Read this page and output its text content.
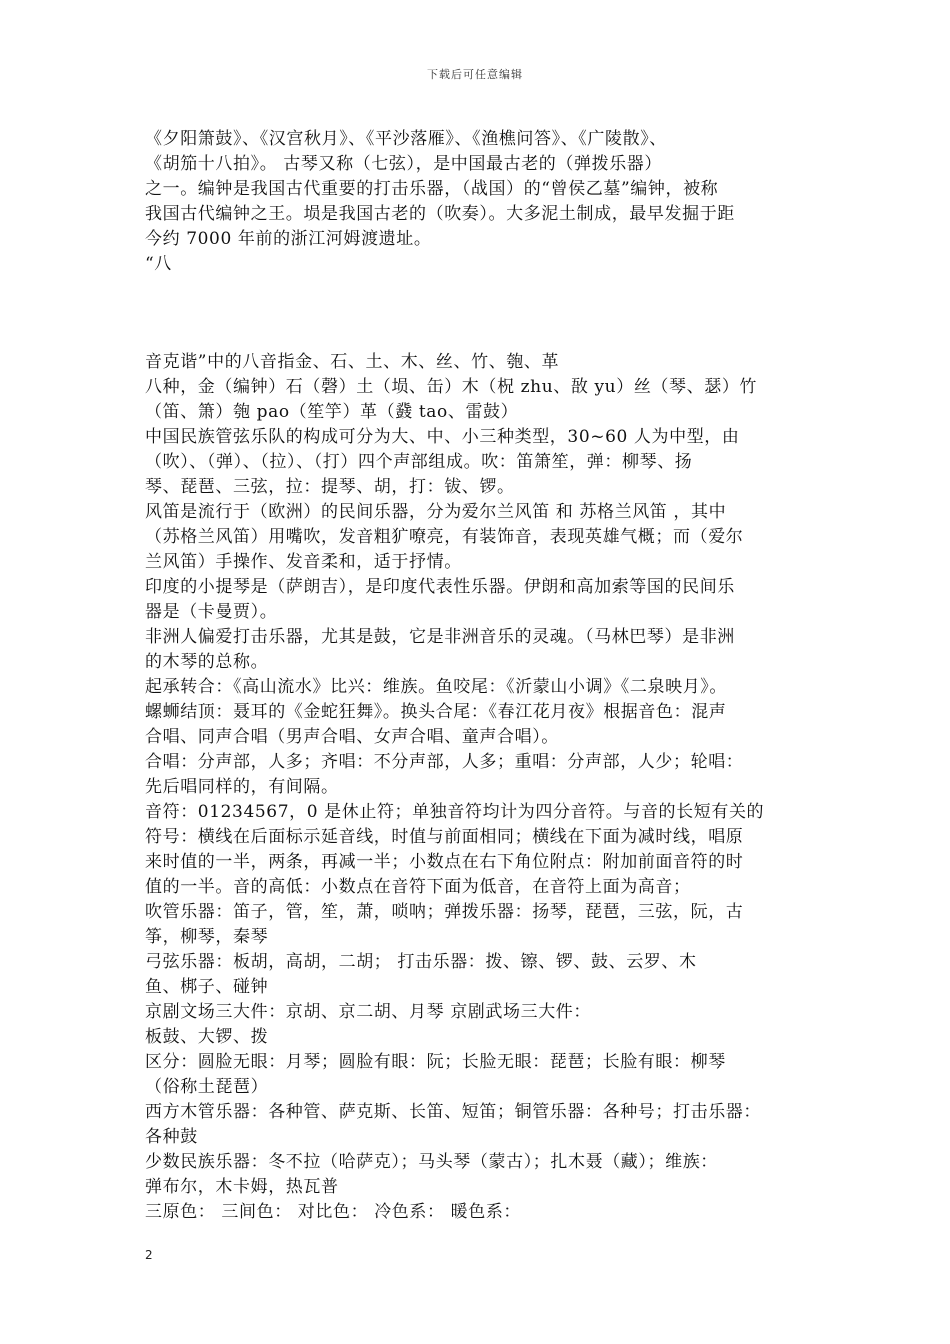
下载后可任意编辑
《夕阳箫鼓》、《汉宫秋月》、《平沙落雁》、《渔樵问答》、《广陵散》、
《胡笳十八拍》。 古琴又称（七弦），是中国最古老的（弹拨乐器）
之一。编钟是我国古代重要的打击乐器，（战国）的“曾侯乙墓”编钟，被称
我国古代编钟之王。埙是我国古老的（吹奏）。大多泥土制成，最早发掘于距
今约 7000 年前的浙江河姆渡遗址。
“八
音克谐”中的八音指金、石、土、木、丝、竹、匏、革
八种，金（编钟）石（磬）土（埙、缶）木（柷 zhu、敔 yu）丝（琴、瑟）竹
（笛、箫）匏 pao（笙竽）革（鼗 tao、雷鼓）
中国民族管弦乐队的构成可分为大、中、小三种类型，30~60 人为中型，由
（吹）、（弹）、（拉）、（打）四个声部组成。吹：笛箫笙，弹：柳琴、扬
琴、琵琶、三弦，拉：提琴、胡，打：钹、锣。
风笛是流行于（欧洲）的民间乐器，分为爱尔兰风笛 和 苏格兰风笛 ，其中
（苏格兰风笛）用嘴吹，发音粗犷嘹亮，有装饰音，表现英雄气概；而（爱尔
兰风笛）手操作、发音柔和，适于抒情。
印度的小提琴是（萨朗吉），是印度代表性乐器。伊朗和高加索等国的民间乐
器是（卡曼贾）。
非洲人偏爱打击乐器，尤其是鼓，它是非洲音乐的灵魂。（马林巴琴）是非洲
的木琴的总称。
起承转合：《高山流水》比兴：维族。鱼咬尾：《沂蒙山小调》《二泉映月》。
螺蛳结顶：聂耳的《金蛇狂舞》。换头合尾：《春江花月夜》根据音色：混声
合唱、同声合唱（男声合唱、女声合唱、童声合唱）。
合唱：分声部，人多；齐唱：不分声部，人多；重唱：分声部，人少；轮唱：
先后唱同样的，有间隔。
音符：01234567，0 是休止符；单独音符均计为四分音符。与音的长短有关的
符号：横线在后面标示延音线，时值与前面相同；横线在下面为减时线，唱原
来时值的一半，两条，再减一半；小数点在右下角位附点：附加前面音符的时
值的一半。音的高低：小数点在音符下面为低音，在音符上面为高音；
吹管乐器：笛子，管，笙，萧，唢呐；弹拨乐器：扬琴，琵琶，三弦，阮，古
筝，柳琴，秦琴
弓弦乐器：板胡，高胡，二胡； 打击乐器：拨、镲、锣、鼓、云罗、木
鱼、梆子、碰钟
京剧文场三大件：京胡、京二胡、月琴 京剧武场三大件：
板鼓、大锣、拨
区分：圆脸无眼：月琴；圆脸有眼：阮；长脸无眼：琵琶；长脸有眼：柳琴
（俗称土琵琶）
西方木管乐器：各种管、萨克斯、长笛、短笛；铜管乐器：各种号；打击乐器：
各种鼓
少数民族乐器：冬不拉（哈萨克）；马头琴（蒙古）；扎木聂（藏）；维族：
弹布尔，木卡姆，热瓦普
三原色： 三间色： 对比色： 冷色系： 暖色系：
2
